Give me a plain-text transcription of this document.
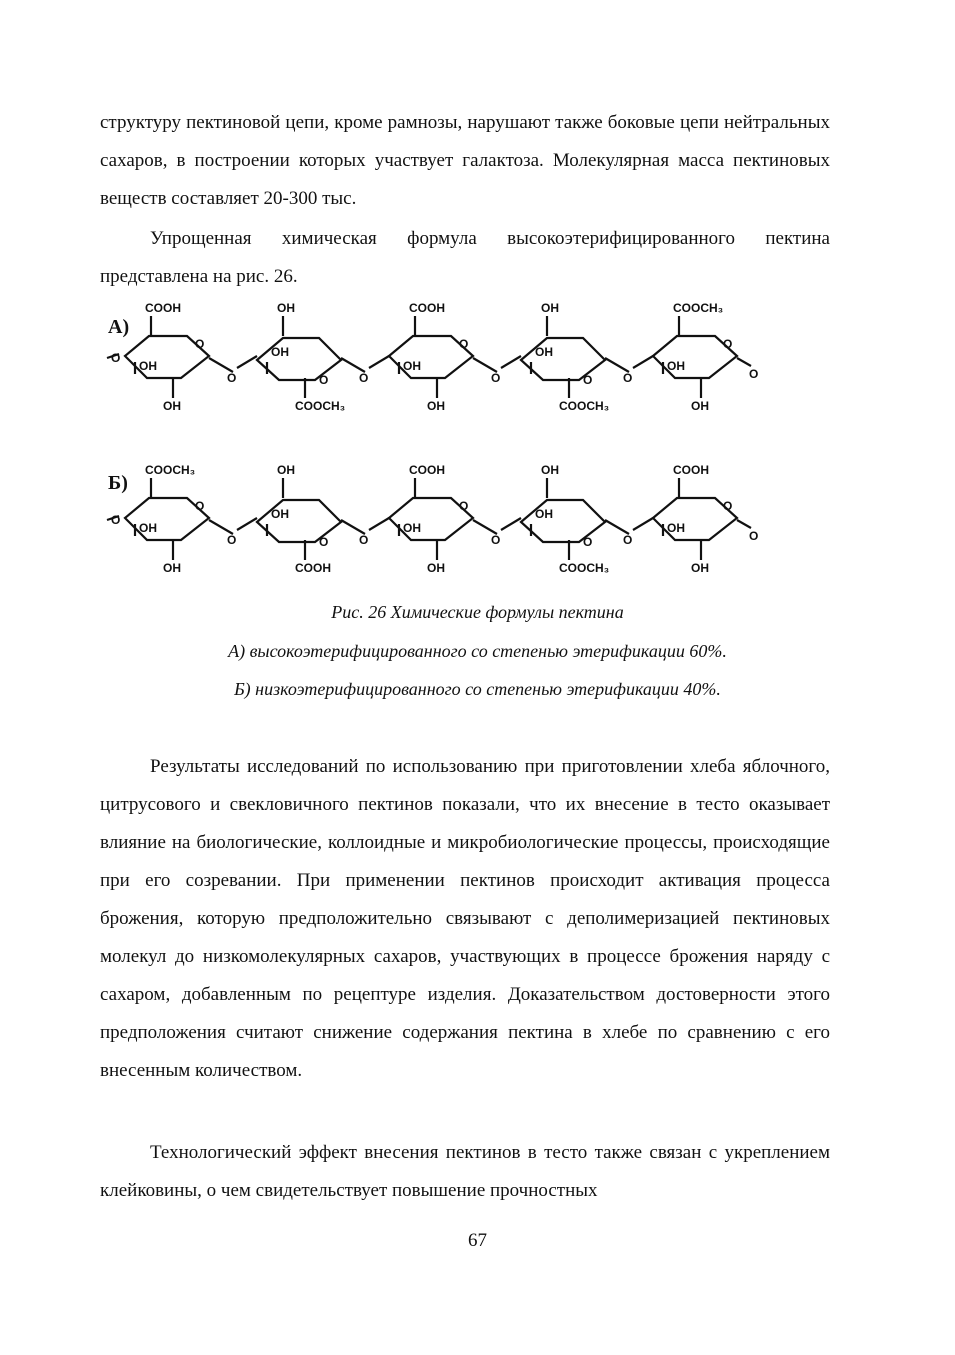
структуру пектиновой цепи, кроме рамнозы, нарушают также боковые цепи нейтральных сахаров, в построении которых участвует галактоза. Молекулярная масса пектиновых веществ составляет 20-300 тыс.
Упрощенная химическая формула высокоэтерифицированного пектина представлена на рис. 26.
А)
O
O
COOH
OH
OH
O	O
OH
COOCH₃
OH
O
O
COOH
OH
OH
O	O
OH
COOCH₃
OH
O
O
COOCH₃
OH
OH
O
Б)
O
O
COOCH₃
OH
OH
O	O
OH
COOH
OH
O
O
COOH
OH
OH
O	O
OH
COOCH₃
OH
O
O
COOH
OH
OH
O
Рис. 26 Химические формулы пектина
А) высокоэтерифицированного со степенью этерификации 60%.
Б) низкоэтерифицированного со степенью этерификации 40%.
Результаты исследований по использованию при приготовлении хлеба яблочного, цитрусового и свекловичного пектинов показали, что их внесение в тесто оказывает влияние на биологические, коллоидные и микробиологические процессы, происходящие при его созревании. При применении пектинов происходит активация процесса брожения, которую предположительно связывают с деполимеризацией пектиновых молекул до низкомолекулярных сахаров, участвующих в процессе брожения наряду с сахаром, добавленным по рецептуре изделия. Доказательством достоверности этого предположения считают снижение содержания пектина в хлебе по сравнению с его внесенным количеством.
Технологический эффект внесения пектинов в тесто также связан с укреплением клейковины, о чем свидетельствует повышение прочностных
67
